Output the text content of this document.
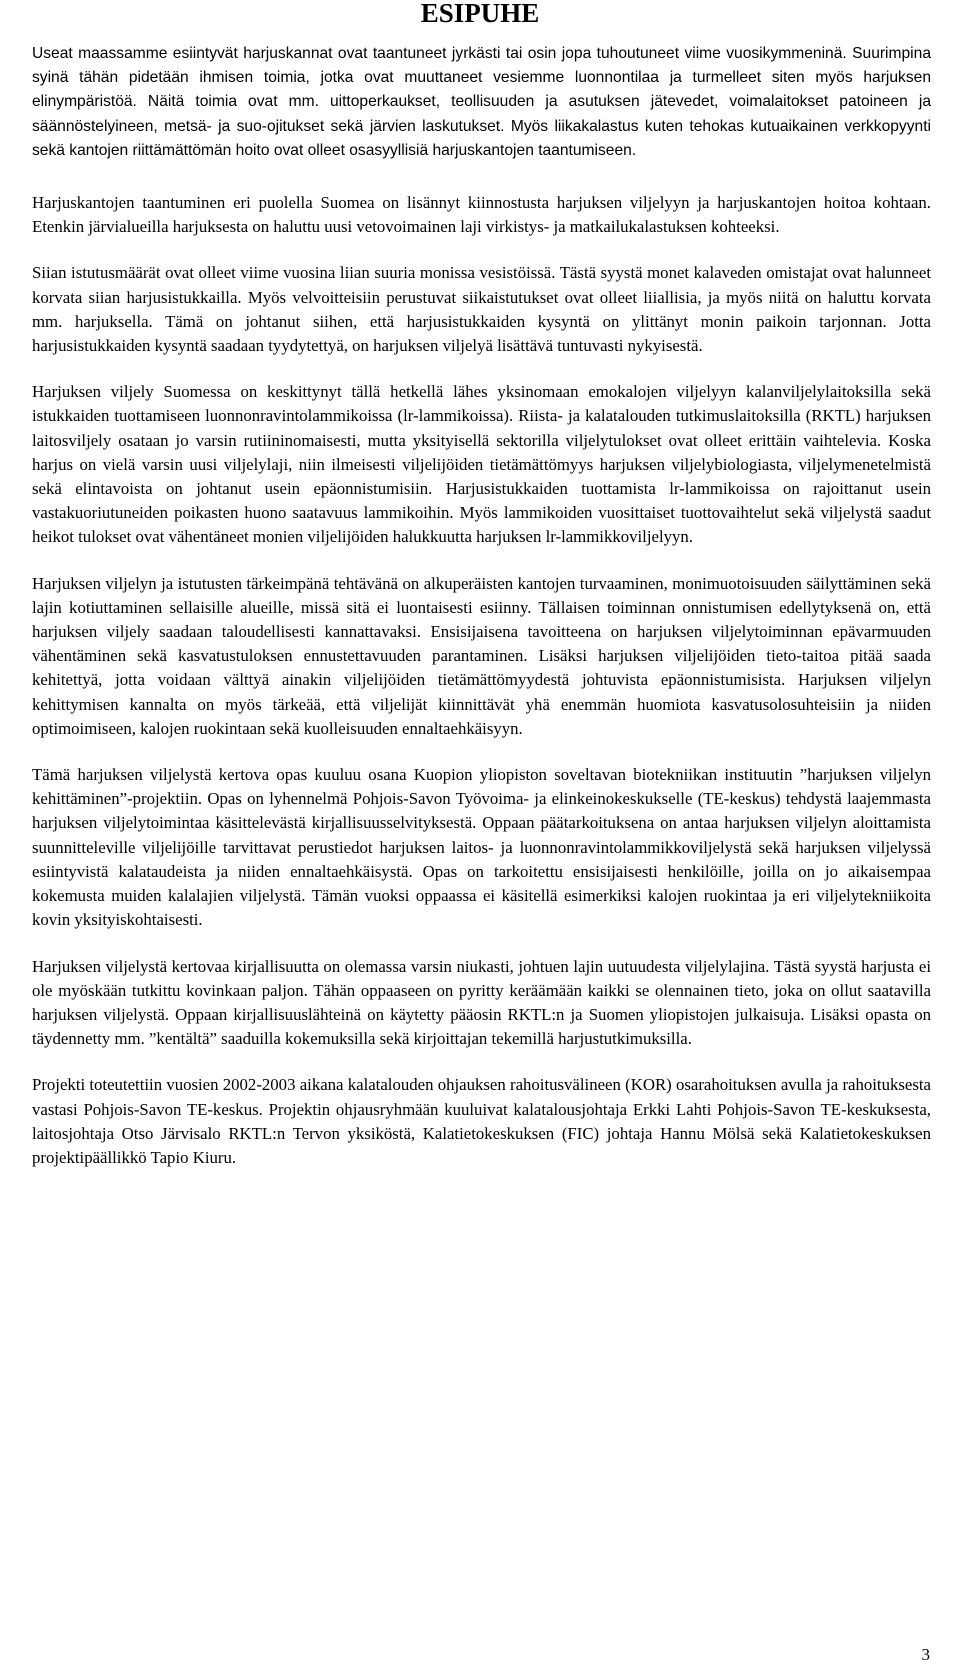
ESIPUHE

Useat maassamme esiintyvät harjuskannat ovat taantuneet jyrkästi tai osin jopa tuhoutuneet viime vuosikymmeninä. Suurimpina syinä tähän pidetään ihmisen toimia, jotka ovat muuttaneet vesiemme luonnontilaa ja turmelleet siten myös harjuksen elinympäristöä. Näitä toimia ovat mm. uittoperkaukset, teollisuuden ja asutuksen jätevedet, voimalaitokset patoineen ja säännöstelyineen, metsä- ja suo-ojitukset sekä järvien laskutukset. Myös liikakalastus kuten tehokas kutuaikainen verkkopyynti sekä kantojen riittämättömän hoito ovat olleet osasyyllisiä harjuskantojen taantumiseen.

Harjuskantojen taantuminen eri puolella Suomea on lisännyt kiinnostusta harjuksen viljelyyn ja harjuskantojen hoitoa kohtaan. Etenkin järvialueilla harjuksesta on haluttu uusi vetovoimainen laji virkistys- ja matkailukalastuksen kohteeksi.

Siian istutusmäärät ovat olleet viime vuosina liian suuria monissa vesistöissä. Tästä syystä monet kalaveden omistajat ovat halunneet korvata siian harjusistukkailla. Myös velvoitteisiin perustuvat siikaistutukset ovat olleet liiallisia, ja myös niitä on haluttu korvata mm. harjuksella. Tämä on johtanut siihen, että harjusistukkaiden kysyntä on ylittänyt monin paikoin tarjonnan. Jotta harjusistukkaiden kysyntä saadaan tyydytettyä, on harjuksen viljelyä lisättävä tuntuvasti nykyisestä.

Harjuksen viljely Suomessa on keskittynyt tällä hetkellä lähes yksinomaan emokalojen viljelyyn kalanviljelylaitoksilla sekä istukkaiden tuottamiseen luonnonravintolammikoissa (lr-lammikoissa). Riista- ja kalatalouden tutkimuslaitoksilla (RKTL) harjuksen laitosviljely osataan jo varsin rutiininomaisesti, mutta yksityisellä sektorilla viljelytulokset ovat olleet erittäin vaihtelevia. Koska harjus on vielä varsin uusi viljelylaji, niin ilmeisesti viljelijöiden tietämättömyys harjuksen viljelybiologiasta, viljelymenetelmistä sekä elintavoista on johtanut usein epäonnistumisiin. Harjusistukkaiden tuottamista lr-lammikoissa on rajoittanut usein vastakuoriutuneiden poikasten huono saatavuus lammikoihin. Myös lammikoiden vuosittaiset tuottovaihtelut sekä viljelystä saadut heikot tulokset ovat vähentäneet monien viljelijöiden halukkuutta harjuksen lr-lammikkoviljelyyn.

Harjuksen viljelyn ja istutusten tärkeimpänä tehtävänä on alkuperäisten kantojen turvaaminen, monimuotoisuuden säilyttäminen sekä lajin kotiuttaminen sellaisille alueille, missä sitä ei luontaisesti esiinny. Tällaisen toiminnan onnistumisen edellytyksenä on, että harjuksen viljely saadaan taloudellisesti kannattavaksi. Ensisijaisena tavoitteena on harjuksen viljelytoiminnan epävarmuuden vähentäminen sekä kasvatustuloksen ennustettavuuden parantaminen. Lisäksi harjuksen viljelijöiden tieto-taitoa pitää saada kehitettyä, jotta voidaan välttyä ainakin viljelijöiden tietämättömyydestä johtuvista epäonnistumisista. Harjuksen viljelyn kehittymisen kannalta on myös tärkeää, että viljelijät kiinnittävät yhä enemmän huomiota kasvatusolosuhteisiin ja niiden optimoimiseen, kalojen ruokintaan sekä kuolleisuuden ennaltaehkäisyyn.

Tämä harjuksen viljelystä kertova opas kuuluu osana Kuopion yliopiston soveltavan biotekniikan instituutin ”harjuksen viljelyn kehittäminen”-projektiin. Opas on lyhennelmä Pohjois-Savon Työvoima- ja elinkeinokeskukselle (TE-keskus) tehdystä laajemmasta harjuksen viljelytoimintaa käsittelevästä kirjallisuusselvityksestä. Oppaan päätarkoituksena on antaa harjuksen viljelyn aloittamista suunnitteleville viljelijöille tarvittavat perustiedot harjuksen laitos- ja luonnonravintolammikkoviljelystä sekä harjuksen viljelyssä esiintyvistä kalataudeista ja niiden ennaltaehkäisystä. Opas on tarkoitettu ensisijaisesti henkilöille, joilla on jo aikaisempaa kokemusta muiden kalalajien viljelystä. Tämän vuoksi oppaassa ei käsitellä esimerkiksi kalojen ruokintaa ja eri viljelytekniikoita kovin yksityiskohtaisesti.

Harjuksen viljelystä kertovaa kirjallisuutta on olemassa varsin niukasti, johtuen lajin uutuudesta viljelylajina. Tästä syystä harjusta ei ole myöskään tutkittu kovinkaan paljon. Tähän oppaaseen on pyritty keräämään kaikki se olennainen tieto, joka on ollut saatavilla harjuksen viljelystä. Oppaan kirjallisuuslähteinä on käytetty pääosin RKTL:n ja Suomen yliopistojen julkaisuja. Lisäksi opasta on täydennetty mm. ”kentältä” saaduilla kokemuksilla sekä kirjoittajan tekemillä harjustutkimuksilla.

Projekti toteutettiin vuosien 2002-2003 aikana kalatalouden ohjauksen rahoitusvälineen (KOR) osarahoituksen avulla ja rahoituksesta vastasi Pohjois-Savon TE-keskus. Projektin ohjausryhmään kuuluivat kalatalousjohtaja Erkki Lahti Pohjois-Savon TE-keskuksesta, laitosjohtaja Otso Järvisalo RKTL:n Tervon yksiköstä, Kalatietokeskuksen (FIC) johtaja Hannu Mölsä sekä Kalatietokeskuksen projektipäällikkö Tapio Kiuru.

3
